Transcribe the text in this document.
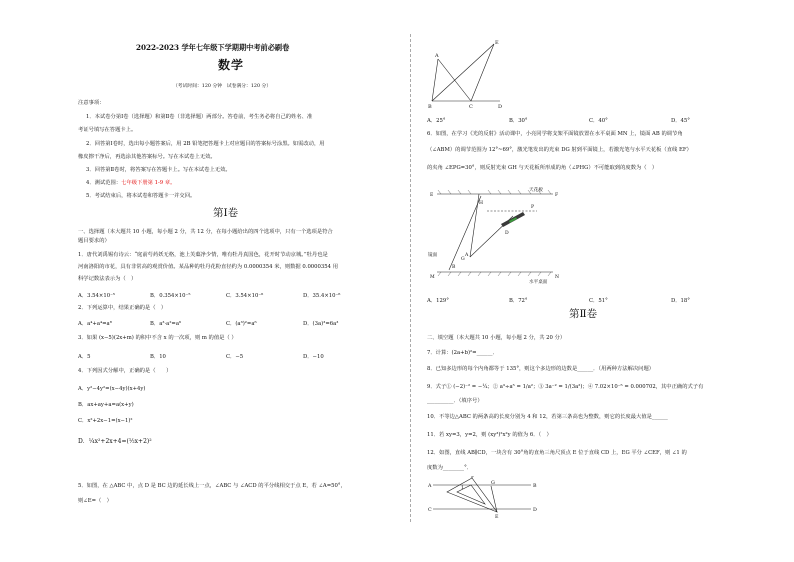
2022-2023 学年七年级下学期期中考前必刷卷
数学
（考试时间：120 分钟　试卷满分：120 分）
注意事项：
1．本试卷分第Ⅰ卷（选择题）和第Ⅱ卷（非选择题）两部分。答卷前，考生务必将自己的姓名、准
考证号填写在答题卡上。
2．回答第Ⅰ卷时，选出每小题答案后，用 2B 铅笔把答题卡上对应题目的答案标号涂黑。如需改动，用
橡皮擦干净后，再选涂其他答案标号。写在本试卷上无效。
3．回答第Ⅱ卷时，将答案写在答题卡上。写在本试卷上无效。
4．测试范围：七年级下册第 1-9 章。
5．考试结束后，将本试卷和答题卡一并交回。
第Ⅰ卷
一、选择题（本大题共 10 小题，每小题 2 分，共 12 分，在每小题给出的四个选项中，只有一个选项是符合
题目要求的）
1．唐代刘禹锡有诗云：“庭前芍药妖无格，池上芙蕖净少情，唯有牡丹真国色，花开时节动京城。”牡丹也是
河南洛阳的市花，具有非常高的观赏价值。某品种的牡丹花粉直径约为 0.0000354 米，则数据 0.0000354 用
科学记数法表示为（　）
A．3.54×10⁻⁵	B．0.354×10⁻⁵	C．3.54×10⁻⁶	D．35.4×10⁻⁶
2．下列运算中，结果正确的是（　）
A．a⁴+a⁴=a⁸	B．a³·a²=a⁶	C．(a³)²=a⁶	D．(3a)³=6a³
3．如果 (x−5)(2x+m) 的积中不含 x 的一次项，则 m 的值是（ ）
A．5	B．10	C．−5	D．−10
4．下列因式分解中，正确的是（　　）
A．y²−4y²=(x−4y)(x+4y)
B．ax+ay+a=a(x+y)
C．x²+2x−1=(x−1)²
D．¼x²+2x+4=(½x+2)²
5．如图，在 △ABC 中，点 D 是 BC 边的延长线上一点，∠ABC 与 ∠ACD 的平分线相交于点 E，若 ∠A=50°，
则∠E=（　）
A
B	C	D
E
A．25°	B．30°	C．40°	D．45°
6．如图，在学习《光的反射》活动课中，小亮同学将支架平面镜放置在水平桌面 MN 上，镜面 AB 的调节角
（∠ABM）的调节范围为 12°~69°，激光笔发出的光束 DG 射到平面镜上，若激光笔与水平天花板（直线 EF）
的夹角 ∠EPG=30°，则反射光束 GH 与天花板所形成的角（∠PHG）不可能取到的度数为（　）
E	F
天花板
H
P
D
G
A
B
镜面
M	N
水平桌面
A．129°	B．72°	C．51°	D．18°
第Ⅱ卷
二、填空题（本大题共 10 小题，每小题 2 分，共 20 分）
7．计算：(2a+b)²=______．
8．已知多边形的每个内角都等于 135°，则这个多边形的边数是______．（用两种方法解决问题）
9．式子① (−2)⁻² = −¼；② a³÷a⁵ = 1/a²；③ 3a⁻² = 1/(3a²)；④ 7.02×10⁻⁵ = 0.000702，其中正确的式子有
__________．（填序号）
10．不等边△ABC 的两条高的长度分别为 4 和 12，若第三条高也为整数，则它的长度最大值是______
11．若 xy=3，y=2，则 (xy³)²x²y 的值为 6．（　）
12．如图，直线 AB∥CD，一块含有 30°角的直角三角尺顶点 E 位于直线 CD 上，EG 平分 ∠CEF，则 ∠1 的
度数为________°．
A	B
C	D
E
F
G
1
